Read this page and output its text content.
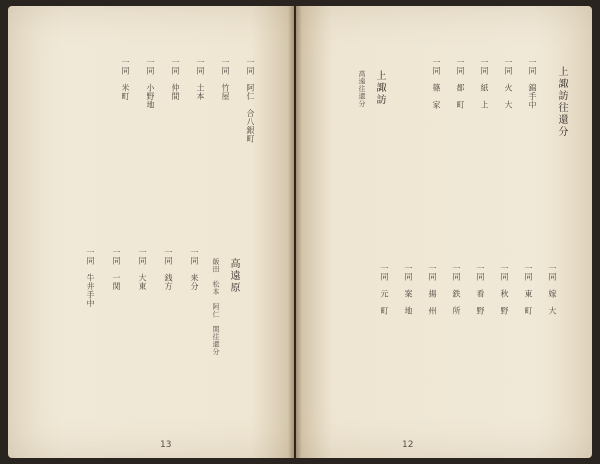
一同　阿仁　合八銀町　
一同　竹屋　
一同　土本　
一同　仲間　
一同　小野地　
一同　米町　
高遠原
飯田　松本　阿仁　関往還分
一同　来分　
一同　銭方　
一同　大東　
一同　一関　
一同　牛井手中　
13
上諏訪往還分
一同　錦手中
一同　火　大
一同　紙　上
一同　都　町
一同　篠　家
上諏訪
高遠往還分
一同　嫁　大
一同　東　町
一同　秋　野
一同　看　野
一同　鉄　所
一同　揚　州
一同　案　地
一同　元　町
12
